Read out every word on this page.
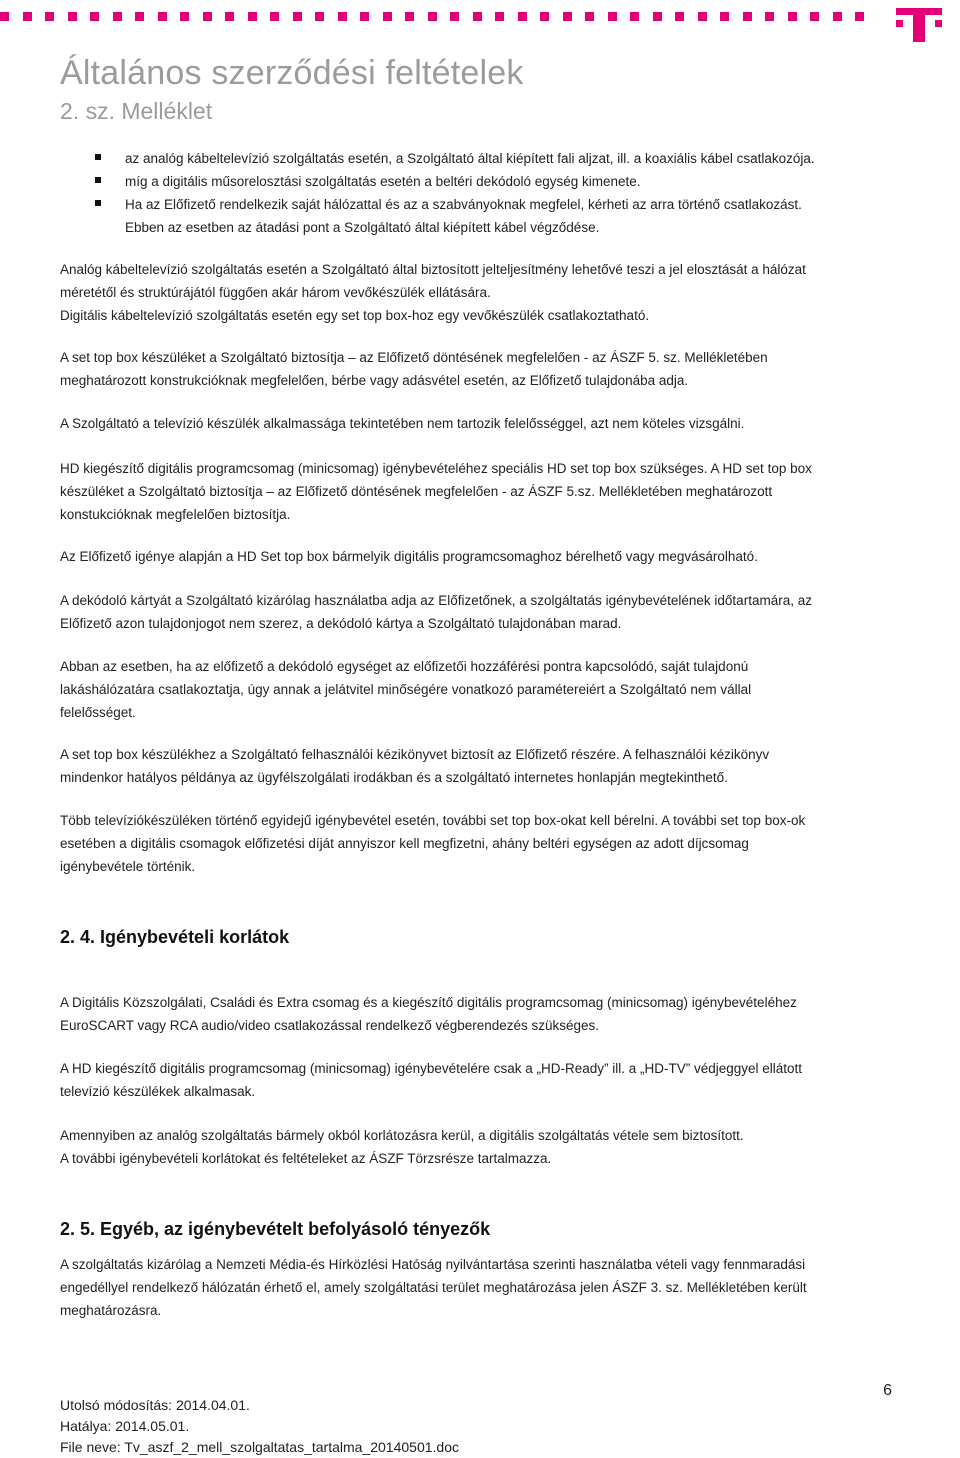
Általános szerződési feltételek
2. sz. Melléklet
az analóg kábeltelevízió szolgáltatás esetén, a Szolgáltató által kiépített fali aljzat, ill. a koaxiális kábel csatlakozója.
míg a digitális műsorelosztási szolgáltatás esetén a beltéri dekódoló egység kimenete.
Ha az Előfizető rendelkezik saját hálózattal és az a szabványoknak megfelel, kérheti az arra történő csatlakozást.
Ebben az esetben az átadási pont a Szolgáltató által kiépített kábel végződése.
Analóg kábeltelevízió szolgáltatás esetén a Szolgáltató által biztosított jelteljesítmény lehetővé teszi a jel elosztását a hálózat
méretétől és struktúrájától függően akár három vevőkészülék ellátására.
Digitális kábeltelevízió szolgáltatás esetén egy set top box-hoz egy vevőkészülék csatlakoztatható.
A set top box készüléket a Szolgáltató biztosítja – az Előfizető döntésének megfelelően - az ÁSZF 5. sz. Mellékletében
meghatározott konstrukcióknak megfelelően, bérbe vagy adásvétel esetén, az Előfizető tulajdonába adja.
A Szolgáltató a televízió készülék alkalmassága tekintetében nem tartozik felelősséggel, azt nem köteles vizsgálni.
HD kiegészítő digitális programcsomag (minicsomag) igénybevételéhez speciális HD set top box szükséges. A HD set top box
készüléket a Szolgáltató biztosítja – az Előfizető döntésének megfelelően - az ÁSZF 5.sz. Mellékletében meghatározott
konstukcióknak megfelelően biztosítja.
Az Előfizető igénye alapján a HD Set top box bármelyik digitális programcsomaghoz bérelhető vagy megvásárolható.
A dekódoló kártyát a Szolgáltató kizárólag használatba adja az Előfizetőnek, a szolgáltatás igénybevételének időtartamára, az
Előfizető azon tulajdonjogot nem szerez, a dekódoló kártya a Szolgáltató tulajdonában marad.
Abban az esetben, ha az előfizető a dekódoló egységet az előfizetői hozzáférési pontra kapcsolódó, saját tulajdonú
lakáshálózatára csatlakoztatja, úgy annak a jelátvitel minőségére vonatkozó paramétereiért a Szolgáltató nem vállal
felelősséget.
A set top box készülékhez a Szolgáltató felhasználói kézikönyvet biztosít az Előfizető részére. A felhasználói kézikönyv
mindenkor hatályos példánya az ügyfélszolgálati irodákban és a szolgáltató internetes honlapján megtekinthető.
Több televíziókészüléken történő egyidejű igénybevétel esetén, további set top box-okat kell bérelni. A további set top box-ok
esetében a digitális csomagok előfizetési díját annyiszor kell megfizetni, ahány beltéri egységen az adott díjcsomag
igénybevétele történik.
2. 4. Igénybevételi korlátok
A Digitális Közszolgálati, Családi és Extra csomag és a kiegészítő digitális programcsomag (minicsomag) igénybevételéhez
EuroSCART vagy RCA audio/video csatlakozással rendelkező végberendezés szükséges.
A HD kiegészítő digitális programcsomag (minicsomag) igénybevételére csak a „HD-Ready” ill. a „HD-TV” védjeggyel ellátott
televízió készülékek alkalmasak.
Amennyiben az analóg szolgáltatás bármely okból korlátozásra kerül, a digitális szolgáltatás vétele sem biztosított.
A további igénybevételi korlátokat és feltételeket az ÁSZF Törzsrésze tartalmazza.
2. 5. Egyéb, az igénybevételt befolyásoló tényezők
A szolgáltatás kizárólag a Nemzeti Média-és Hírközlési Hatóság nyilvántartása szerinti használatba vételi vagy fennmaradási
engedéllyel rendelkező hálózatán érhető el, amely szolgáltatási terület meghatározása jelen ÁSZF 3. sz. Mellékletében került
meghatározásra.
6
Utolsó módosítás: 2014.04.01.
Hatálya: 2014.05.01.
File neve: Tv_aszf_2_mell_szolgaltatas_tartalma_20140501.doc
